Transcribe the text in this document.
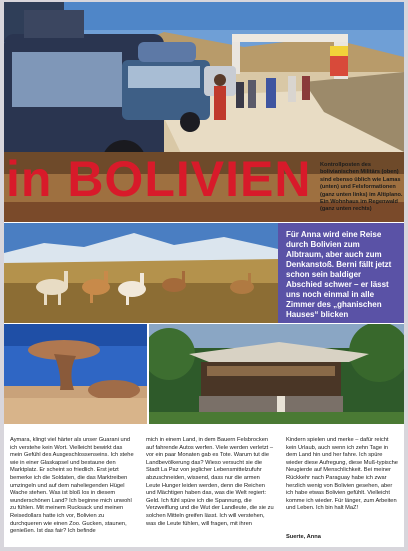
in BOLIVIEN Kontrollposten des bolivianischen Militärs (oben) sind ebenso üblich wie Lamas (unten) und Felsformationen (ganz unten links) im Altiplano. Ein Wohnhaus im Regenwald (ganz unten rechts)

Für Anna wird eine Reise durch Bolivien zum Albtraum, aber auch zum Denkanstoß. Berni fällt jetzt schon sein baldiger Abschied schwer – er lässt uns noch einmal in alle Zimmer des „ghanischen Hauses“ blicken

Aymara, klingt viel härter als unser Guarani und ich verstehe kein Wort. Vielleicht bewirkt das mein Gefühl des Ausgeschlossenseins. Ich stehe wie in einer Glaskapsel und bestaune den Marktplatz. Er scheint so friedlich. Erst jetzt bemerke ich die Soldaten, die das Marktreiben umzingeln und auf dem naheliegenden Hügel Wache stehen. Was ist bloß los in diesem wunderschönen Land? Ich beginne mich unwohl zu fühlen. Mit meinem Rucksack und meinen Reisedollars hatte ich vor, Bolivien zu durchqueren wie einen Zoo. Gucken, staunen, genießen. Ist das fair? Ich befinde

mich in einem Land, in dem Bauern Felsbrocken auf fahrende Autos werfen. Viele werden verletzt – vor ein paar Monaten gab es Tote. Warum tut die Landbevölkerung das? Wieso versucht sie die Stadt La Paz von jeglicher Lebensmittelzufuhr abzuschneiden, wissend, dass nur die armen Leute Hunger leiden werden, denn die Reichen und Mächtigen haben das, was die Welt regiert: Geld. Ich fühl spüre ich die Spannung, die Verzweiflung und die Wut der Landleute, die sie zu solchen Mitteln greifen lässt. Ich will verstehen, was die Leute fühlen, will fragen, mit ihren

Kindern spielen und merke – dafür reicht kein Urlaub, auch wenn ich zehn Tage in dem Land hin und her fahre. Ich spüre wieder diese Aufregung, diese Muß-typische Neugierde auf Menschlichkeit. Bei meiner Rückkehr nach Paraguay habe ich zwar herzlich wenig von Bolivien gesehen, aber ich habe etwas Bolivien gefühlt. Vielleicht komme ich wieder. Für länger, zum Arbeiten und Leben. Ich bin halt MaZ!

Suerte, Anna
